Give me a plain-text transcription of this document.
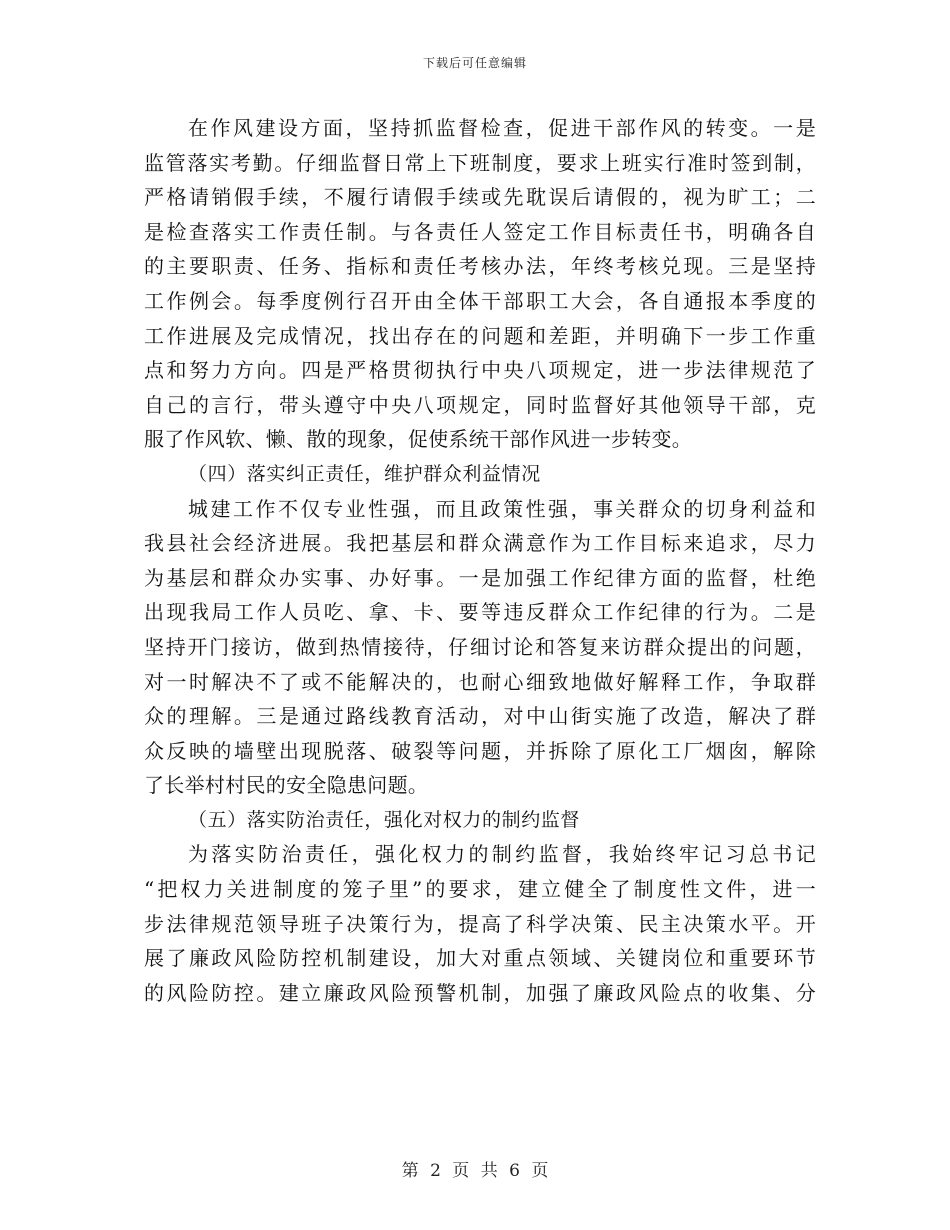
下载后可任意编辑

在作风建设方面，坚持抓监督检查，促进干部作风的转变。一是

监管落实考勤。仔细监督日常上下班制度，要求上班实行准时签到制，

严格请销假手续，不履行请假手续或先耽误后请假的，视为旷工；二

是检查落实工作责任制。与各责任人签定工作目标责任书，明确各自

的主要职责、任务、指标和责任考核办法，年终考核兑现。三是坚持

工作例会。每季度例行召开由全体干部职工大会，各自通报本季度的

工作进展及完成情况，找出存在的问题和差距，并明确下一步工作重

点和努力方向。四是严格贯彻执行中央八项规定，进一步法律规范了

自己的言行，带头遵守中央八项规定，同时监督好其他领导干部，克

服了作风软、懒、散的现象，促使系统干部作风进一步转变。

（四）落实纠正责任，维护群众利益情况

城建工作不仅专业性强，而且政策性强，事关群众的切身利益和

我县社会经济进展。我把基层和群众满意作为工作目标来追求，尽力

为基层和群众办实事、办好事。一是加强工作纪律方面的监督，杜绝

出现我局工作人员吃、拿、卡、要等违反群众工作纪律的行为。二是

坚持开门接访，做到热情接待，仔细讨论和答复来访群众提出的问题，

对一时解决不了或不能解决的，也耐心细致地做好解释工作，争取群

众的理解。三是通过路线教育活动，对中山街实施了改造，解决了群

众反映的墙壁出现脱落、破裂等问题，并拆除了原化工厂烟囱，解除

了长举村村民的安全隐患问题。

（五）落实防治责任，强化对权力的制约监督

为落实防治责任，强化权力的制约监督，我始终牢记习总书记

“把权力关进制度的笼子里”的要求，建立健全了制度性文件，进一

步法律规范领导班子决策行为，提高了科学决策、民主决策水平。开

展了廉政风险防控机制建设，加大对重点领域、关键岗位和重要环节

的风险防控。建立廉政风险预警机制，加强了廉政风险点的收集、分

第 2 页 共 6 页
